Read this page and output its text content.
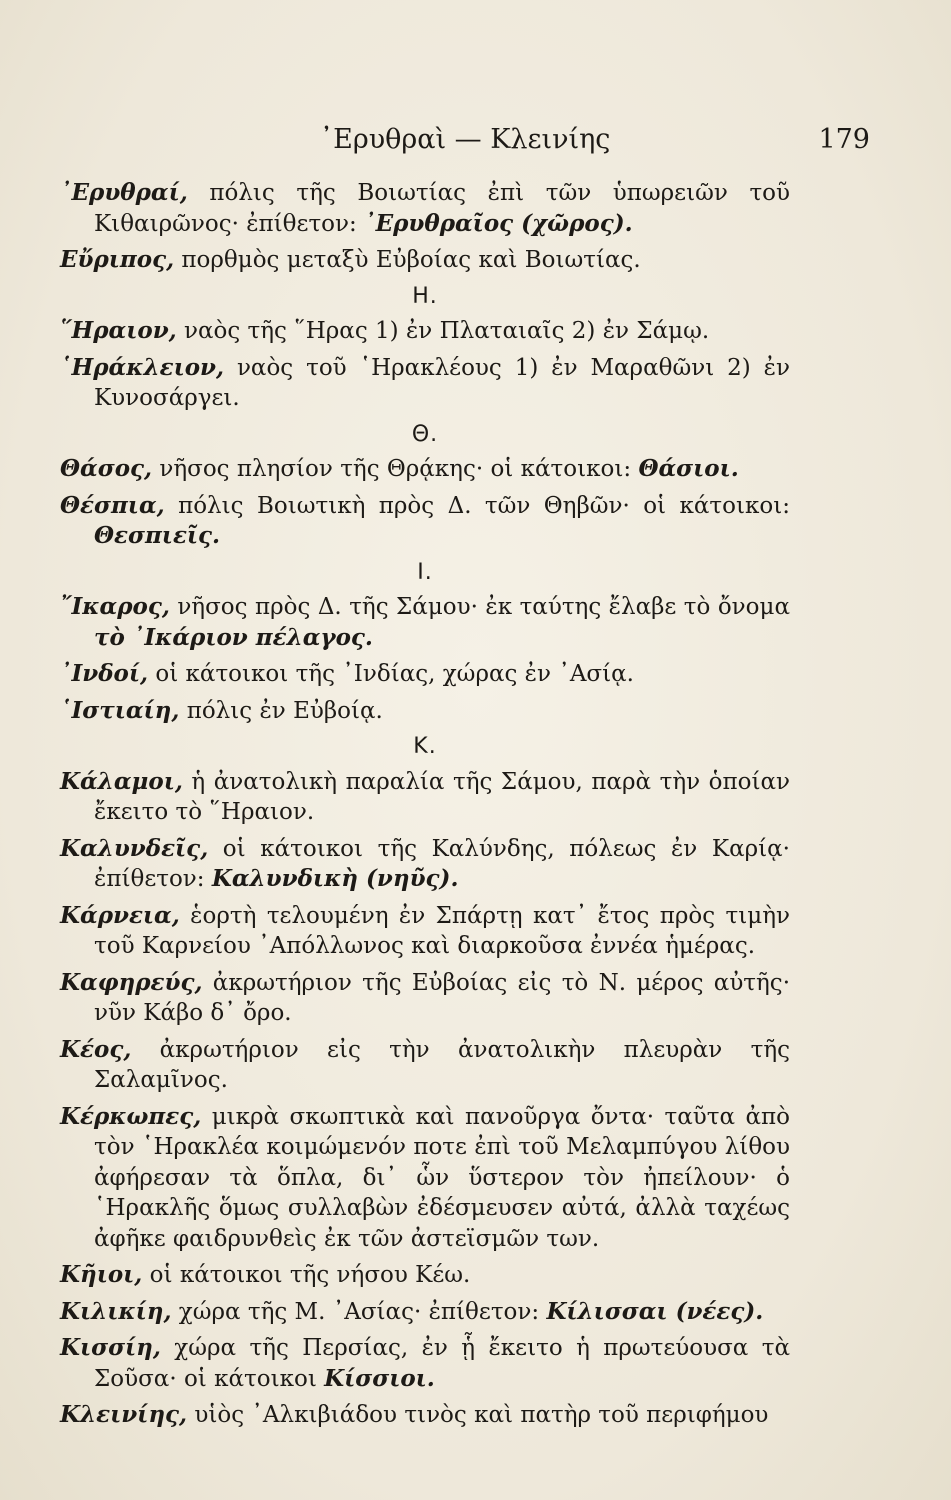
᾽Ερυθραὶ — Κλεινίης	179

᾽Ερυθραί, πόλις τῆς Βοιωτίας ἐπὶ τῶν ὑπωρειῶν τοῦ Κιθαιρῶνος· ἐπίθετον: ᾽Ερυθραῖος (χῶρος).

Εὔριπος, πορθμὸς μεταξὺ Εὐβοίας καὶ Βοιωτίας.

Η.

῞Ηραιον, ναὸς τῆς ῞Ηρας 1) ἐν Πλαταιαῖς 2) ἐν Σάμῳ.

῾Ηράκλειον, ναὸς τοῦ ῾Ηρακλέους 1) ἐν Μαραθῶνι 2) ἐν Κυνοσάργει.

Θ.

Θάσος, νῆσος πλησίον τῆς Θρᾴκης· οἱ κάτοικοι: Θάσιοι.

Θέσπια, πόλις Βοιωτικὴ πρὸς Δ. τῶν Θηβῶν· οἱ κάτοικοι: Θεσπιεῖς.

Ι.

῎Ικαρος, νῆσος πρὸς Δ. τῆς Σάμου· ἐκ ταύτης ἔλαβε τὸ ὄνομα τὸ ᾽Ικάριον πέλαγος.

᾽Ινδοί, οἱ κάτοικοι τῆς ᾽Ινδίας, χώρας ἐν ᾽Ασίᾳ.

῾Ιστιαίη, πόλις ἐν Εὐβοίᾳ.

Κ.

Κάλαμοι, ἡ ἀνατολικὴ παραλία τῆς Σάμου, παρὰ τὴν ὁποίαν ἔκειτο τὸ ῞Ηραιον.

Καλυνδεῖς, οἱ κάτοικοι τῆς Καλύνδης, πόλεως ἐν Καρίᾳ· ἐπίθετον: Καλυνδικὴ (νηῦς).

Κάρνεια, ἑορτὴ τελουμένη ἐν Σπάρτῃ κατ᾽ ἔτος πρὸς τιμὴν τοῦ Καρνείου ᾽Απόλλωνος καὶ διαρκοῦσα ἐννέα ἡμέρας.

Καφηρεύς, ἀκρωτήριον τῆς Εὐβοίας εἰς τὸ Ν. μέρος αὐτῆς· νῦν Κάβο δ᾽ ὄρο.

Κέος, ἀκρωτήριον εἰς τὴν ἀνατολικὴν πλευρὰν τῆς Σαλαμῖνος.

Κέρκωπες, μικρὰ σκωπτικὰ καὶ πανοῦργα ὄντα· ταῦτα ἀπὸ τὸν ῾Ηρακλέα κοιμώμενόν ποτε ἐπὶ τοῦ Μελαμπύγου λίθου ἀφήρεσαν τὰ ὅπλα, δι᾽ ὧν ὕστερον τὸν ἠπείλουν· ὁ ῾Ηρακλῆς ὅμως συλλαβὼν ἐδέσμευσεν αὐτά, ἀλλὰ ταχέως ἀφῆκε φαιδρυνθεὶς ἐκ τῶν ἀστεϊσμῶν των.

Κῆιοι, οἱ κάτοικοι τῆς νήσου Κέω.

Κιλικίη, χώρα τῆς Μ. ᾽Ασίας· ἐπίθετον: Κίλισσαι (νέες).

Κισσίη, χώρα τῆς Περσίας, ἐν ᾗ ἔκειτο ἡ πρωτεύουσα τὰ Σοῦσα· οἱ κάτοικοι Κίσσιοι.

Κλεινίης, υἱὸς ᾽Αλκιβιάδου τινὸς καὶ πατὴρ τοῦ περιφήμου
